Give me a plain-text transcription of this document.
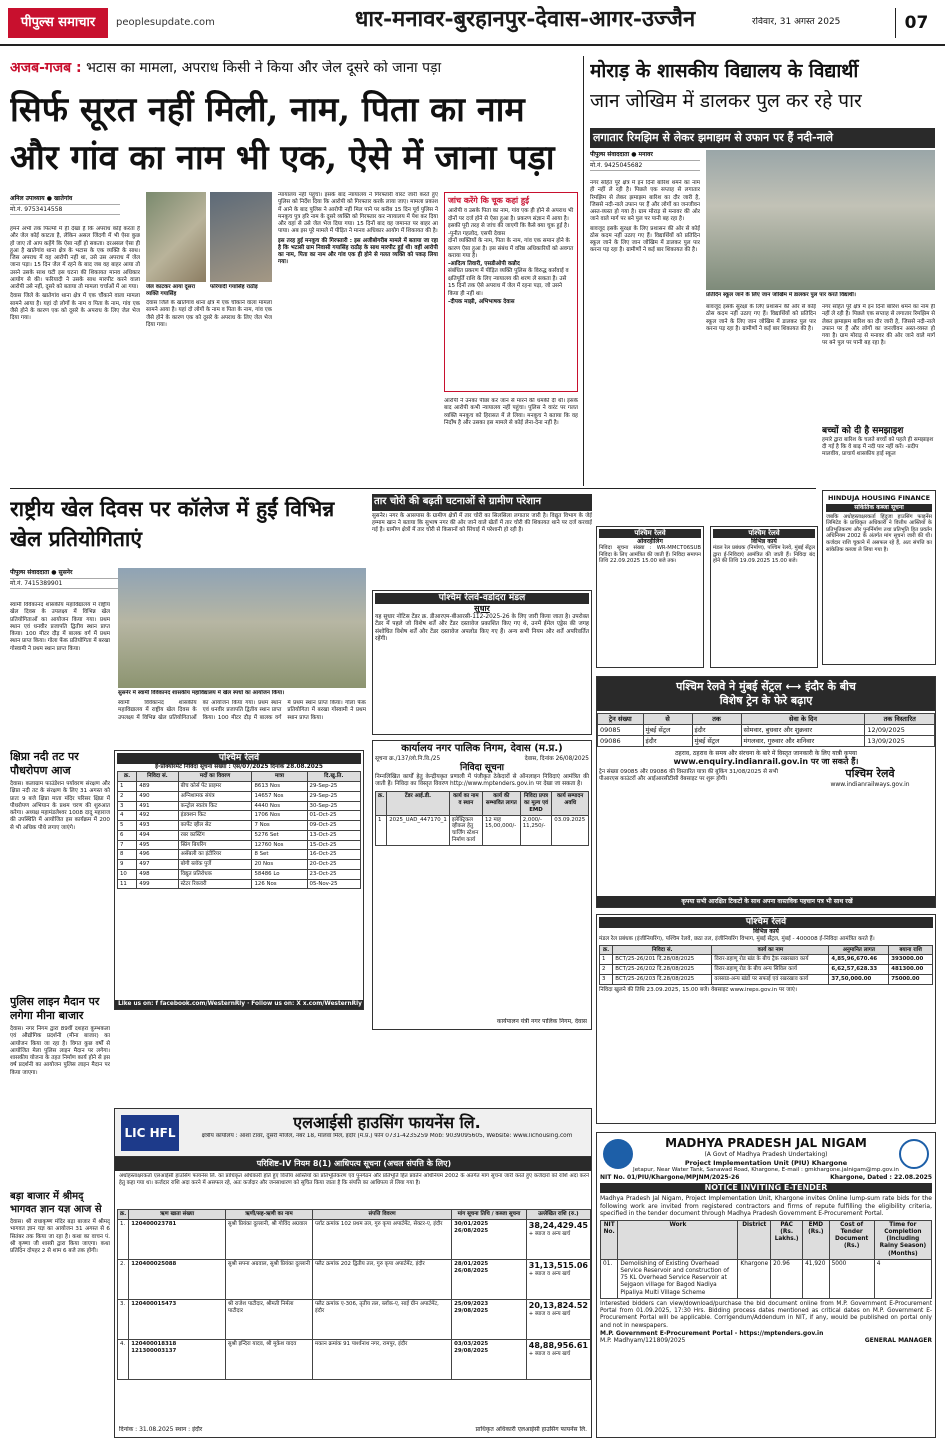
पीपुल्स समाचार	peoplesupdate.com	धार-मनावर-बुरहानपुर-देवास-आगर-उज्जैन	रविवार, 31 अगस्त 2025	07
अजब-गजब : भटास का मामला, अपराध किसी ने किया और जेल दूसरे को जाना पड़ा
सिर्फ सूरत नहीं मिली, नाम, पिता का नाम और गांव का नाम भी एक, ऐसे में जाना पड़ा
अनिल उपाध्याय ● खातेगांव
मो.नं. 9753414558

हमने अभी तक फिल्मों में ही देखा है कि अपराध कोई करता है और जेल कोई काटता है, लेकिन असल जिंदगी में भी ऐसा कुछ हो जाए तो आप कहेंगे कि ऐसा नहीं हो सकता। दरअसल ऐसा ही हुआ है खातेगांव थाना क्षेत्र के भटास के एक व्यक्ति के साथ। जिस अपराध में वह आरोपी नहीं था, उसे उस अपराध में जेल जाना पड़ा। 15 दिन जेल में रहने के बाद जब वह बाहर आया तो उसने उसके साथ घटी इस घटना की शिकायत मानव अधिकार आयोग से की। फरियादी ने उसके साथ मारपीट करने वाला आरोपी उसे नहीं, दूसरे को बताया तो मामला चर्चाओं में आ गया।

देवास जिले के खातेगांव थाना क्षेत्र में एक चौंकाने वाला मामला सामने आया है। यहां दो लोगों के नाम व पिता के नाम, गांव एक जैसे होने के कारण एक को दूसरे के अपराध के लिए जेल भेज दिया गया।

जेल काटकर आया दूसरा व्यक्ति गयासिंह
फरियादी गयासिंह राठौड़

देवास जिले के खातेगांव थाना क्षेत्र में एक चौंकाने वाला मामला सामने आया है। यहां दो लोगों के नाम व पिता के नाम, गांव एक जैसे होने के कारण एक को दूसरे के अपराध के लिए जेल भेज दिया गया।

न्यायालय नहीं पहुंचा। इसके बाद न्यायालय ने गिरफ्तारी वारंट जारी करते हुए पुलिस को निर्देश दिया कि आरोपी को गिरफ्तार करके लाया जाए। मामला प्रकाश में आने के बाद पुलिस ने आरोपी नहीं मिल पाने पर करीब 15 दिन पूर्व पुलिस ने मनकूच पुत्र हरि नाम के दूसरे व्यक्ति को गिरफ्तार कर न्यायालय में पेश कर दिया और वहां से उसे जेल भेज दिया गया। 15 दिनों बाद वह जमानत पर बाहर आ पाया। अब इस पूरे मामले में पीड़ित ने मानव अधिकार आयोग में शिकायत की है।

इस तरह हुई मनकूच की गिरफ्तारी : इस अजीबोगरीब मामले में बताया जा रहा है कि भटासी ग्राम निवासी गयासिंह राठौड़ के साथ मारपीट हुई थी। वहीं आरोपी का नाम, पिता का नाम और गांव एक ही होने से गलत व्यक्ति को पकड़ लिया गया।

जांच करेंगे कि चूक कहां हुई

आरोपी व उसके पिता का नाम, गांव एक ही होने से अपराध भी दोनों पर दर्ज होने से ऐसा हुआ है। प्रकरण संज्ञान में आया है।

इसकी पूरी तरह से जांच की जाएगी कि कैसे क्या चूक हुई है। -पुनीत गहलोद, एसपी देवास

दोनों व्यक्तियों के नाम, पिता के नाम, गांव एक समान होने के कारण ऐसा हुआ है। इस संबंध में वरिष्ठ अधिकारियों को अवगत कराया गया है।

-आदित्य तिवारी, एसडीओपी कन्नौद

संबंधित प्रकरण में पीड़ित व्यक्ति पुलिस के विरुद्ध कार्रवाई व क्षतिपूर्ति राशि के लिए न्यायालय की शरण ले सकता है। उसे 15 दिनों तक ऐसे अपराध में जेल में रहना पड़ा, जो उसने किया ही नहीं था।

-दीपक माझी, अभिभाषक देवास

आरोपी ने उनका पीछा कर जान से मारने की धमकी दी थी। इसके बाद आरोपी कभी न्यायालय नहीं पहुंचा। पुलिस ने वारंट पर गलत व्यक्ति मनकूच को हिरासत में ले लिया। मनकूच ने बताया कि वह निर्दोष है और उसका इस मामले से कोई लेना-देना नहीं है।

मोराड़ के शासकीय विद्यालय के विद्यार्थी
जान जोखिम में डालकर पुल कर रहे पार
लगातार रिमझिम से लेकर झमाझम से उफान पर हैं नदी-नाले
पीपुल्स संवाददाता ● मनावर
मो.नं. 9425045682

नगर सहित पूरे क्षेत्र में इन दिनों बारिश थमने का नाम ही नहीं ले रही है। पिछले एक सप्ताह से लगातार रिमझिम से लेकर झमाझम बारिश का दौर जारी है, जिससे नदी-नाले उफान पर हैं और लोगों का जनजीवन अस्त-व्यस्त हो गया है। ग्राम मोराड़ से मनावर की ओर जाने वाले मार्ग पर बने पुल पर पानी बह रहा है।

बावजूद इसके सुरक्षा के लिए प्रशासन की ओर से कोई ठोस कदम नहीं उठाए गए हैं। विद्यार्थियों को प्रतिदिन स्कूल जाने के लिए जान जोखिम में डालकर पुल पार करना पड़ रहा है। ग्रामीणों ने कई बार शिकायत की है।

प्रतिदिन स्कूल जाने के लिए जान जोखिम में डालकर पुल पार करते विद्यार्थी।

बावजूद इसके सुरक्षा के लिए प्रशासन की ओर से कोई ठोस कदम नहीं उठाए गए हैं। विद्यार्थियों को प्रतिदिन स्कूल जाने के लिए जान जोखिम में डालकर पुल पार करना पड़ रहा है। ग्रामीणों ने कई बार शिकायत की है।

नगर सहित पूरे क्षेत्र में इन दिनों बारिश थमने का नाम ही नहीं ले रही है। पिछले एक सप्ताह से लगातार रिमझिम से लेकर झमाझम बारिश का दौर जारी है, जिससे नदी-नाले उफान पर हैं और लोगों का जनजीवन अस्त-व्यस्त हो गया है। ग्राम मोराड़ से मनावर की ओर जाने वाले मार्ग पर बने पुल पर पानी बह रहा है।

बच्चों को दी है समझाइश
हमारे द्वारा बारिश के चलते बच्चों को पहले ही समझाइश दी गई है कि वे बाढ़ में नदी पार नहीं करें। -प्रदीप मालवीय, प्राचार्य शासकीय हाई स्कूल
HINDUJA HOUSING FINANCE
सांकेतिक कब्जा सूचना
जबकि अधोहस्ताक्षरकर्ता हिंदुजा हाउसिंग फाइनेंस लिमिटेड के प्राधिकृत अधिकारी ने वित्तीय आस्तियों के प्रतिभूतिकरण और पुनर्निर्माण तथा प्रतिभूति हित प्रवर्तन अधिनियम 2002 के अंतर्गत मांग सूचना जारी की थी। कर्जदार राशि चुकाने में असफल रहे हैं, अतः संपत्ति का सांकेतिक कब्जा ले लिया गया है।
राष्ट्रीय खेल दिवस पर कॉलेज में हुईं विभिन्न खेल प्रतियोगिताएं
पीपुल्स संवाददाता ● सुसनेर
मो.नं. 7415389901

स्वामी विवेकानंद शासकीय महाविद्यालय में राष्ट्रीय खेल दिवस के उपलक्ष्य में विभिन्न खेल प्रतियोगिताओं का आयोजन किया गया। प्रथम स्थान एवं धनवीर प्रजापति द्वितीय स्थान प्राप्त किया। 100 मीटर दौड़ में बालक वर्ग में प्रथम स्थान प्राप्त किया। गोला फेंक प्रतियोगिता में बरखा गोस्वामी ने प्रथम स्थान प्राप्त किया।

सुसनेर में स्वामी विवेकानंद शासकीय महाविद्यालय में खेल स्पर्धा का आयोजन किया।

स्वामी विवेकानंद शासकीय महाविद्यालय में राष्ट्रीय खेल दिवस के उपलक्ष्य में विभिन्न खेल प्रतियोगिताओं का आयोजन किया गया। प्रथम स्थान एवं धनवीर प्रजापति द्वितीय स्थान प्राप्त किया। 100 मीटर दौड़ में बालक वर्ग में प्रथम स्थान प्राप्त किया। गोला फेंक प्रतियोगिता में बरखा गोस्वामी ने प्रथम स्थान प्राप्त किया।

तार चोरी की बढ़ती घटनाओं से ग्रामीण परेशान

सुसनेर। नगर के आसपास के ग्रामीण क्षेत्रों में तार चोरी का सिलसिला लगातार जारी है। विद्युत विभाग के जेई हम्माम खान ने बताया कि सुभाष नगर की ओर जाने वाले खेतों में तार चोरी की शिकायत थाने पर दर्ज करवाई गई है। ग्रामीण क्षेत्रों में तार चोरी से किसानों को सिंचाई में परेशानी हो रही है।	पश्चिम रेलवे
ओवरहीलिंग
निविदा सूचना संख्या : WR-MMCT06SUB निविदा के लिए आमंत्रित की जाती हैं। निविदा समापन तिथि 22.09.2025 15.00 बजे तक।
पश्चिम रेलवे
विभिन्न कार्य
मंडल रेल प्रबंधक (निर्माण), पश्चिम रेलवे, मुंबई सेंट्रल द्वारा ई-निविदाएं आमंत्रित की जाती हैं। निविदा बंद होने की तिथि 19.09.2025 15.00 बजे।
पश्चिम रेलवे-वडोदरा मंडल
सुधार
यह सुधार नोटिस टेंडर क्र. डीआरएम-बीआरसी-112-2025-26 के लिए जारी किया जाता है। उपरोक्त टेंडर में पहले जो विशेष शर्तें और टेंडर दस्तावेज प्रकाशित किए गए थे, उनमें ईमेल एड्रेस की जगह संशोधित विशेष शर्तें और टेंडर दस्तावेज अपलोड किए गए हैं। अन्य सभी नियम और शर्तें अपरिवर्तित रहेंगी।
पश्चिम रेलवे ने मुंबई सेंट्रल ⟷ इंदौर के बीच
विशेष ट्रेन के फेरे बढ़ाए
ट्रेन संख्या	से	तक	सेवा के दिन	तक विस्तारित
09085	मुंबई सेंट्रल	इंदौर	सोमवार, बुधवार और शुक्रवार	12/09/2025
09086	इंदौर	मुंबई सेंट्रल	मंगलवार, गुरुवार और शनिवार	13/09/2025
ठहराव, ठहराव के समय और संरचना के बारे में विस्तृत जानकारी के लिए यात्री कृपया
www.enquiry.indianrail.gov.in पर जा सकते हैं।
ट्रेन संख्या 09085 और 09086 की विस्तारित यात्रा की बुकिंग 31/08/2025 से सभी पीआरएस काउंटरों और आईआरसीटीसी वेबसाइट पर शुरू होगी।	पश्चिम रेलवे
www.indianrailways.gov.in
कृपया सभी आरक्षित टिकटों के साथ अपना वास्तविक पहचान पत्र भी साथ रखें
कार्यालय नगर पालिक निगम, देवास (म.प्र.)
सूचना क्र./137/लो.नि.वि./25	देवास, दिनांक 26/08/2025
निविदा सूचना
निम्नलिखित कार्यों हेतु केन्द्रीयकृत प्रणाली में पंजीकृत ठेकेदारों से ऑनलाइन निविदाएं आमंत्रित की जाती हैं। निविदा का विस्तृत विवरण http://www.mptenders.gov.in पर देखा जा सकता है।
क्र.	टेंडर आई.डी.	कार्य का नाम व स्थान	कार्य की सम्भावित लागत	निविदा प्रपत्र का मूल्य एवं EMD	कार्य सम्पादन अवधि
1	2025_UAD_447170_1	इलेक्ट्रिकल व्हीकल हेतु चार्जिंग स्टेशन निर्माण कार्य	12 माह 15,00,000/-	2,000/- 11,250/-	03.09.2025
कार्यपालन यंत्री नगर पालिक निगम, देवास
क्षिप्रा नदी तट पर पौधरोपण आज

देवास। कलाग्राम फाउंडेशन पर्यावरण संरक्षण और क्षिप्रा नदी तट के संरक्षण के लिए 31 अगस्त को प्रातः 9 बजे क्षिप्रा माता मंदिर परिसर क्षिप्रा में पौधरोपण अभियान के प्रथम चरण की शुरुआत करेगा। अध्यक्ष महामंडलेश्वर 1008 दादू महाराज की उपस्थिति में आयोजित इस कार्यक्रम में 200 से भी अधिक पौधे लगाए जाएंगे।

पुलिस लाइन मैदान पर लगेगा मीना बाजार

देवास। नगर निगम द्वारा 89वीं दशहरा कुम्भकला एवं औद्योगिक प्रदर्शनी (मीना बाजार) का आयोजन किया जा रहा है। विगत कुछ वर्षों से आयोजित मेला पुलिस लाइन मैदान पर लगेगा। शासकीय योजना के तहत निर्माण कार्य होने से इस वर्ष प्रदर्शनी का आयोजन पुलिस लाइन मैदान पर किया जाएगा।

बड़ा बाजार में श्रीमद् भागवत ज्ञान यज्ञ आज से

देवास। श्री राधाकृष्ण मंदिर बड़ा बाजार में श्रीमद् भागवत ज्ञान यज्ञ का आयोजन 31 अगस्त से 6 सितंबर तक किया जा रहा है। कथा का वाचन पं. श्री कृष्णा जी शास्त्री द्वारा किया जाएगा। कथा प्रतिदिन दोपहर 2 से शाम 6 बजे तक होगी।

पश्चिम रेलवे
ई-प्रोक्योरमेंट निविदा सूचना संख्या : एस/07/2025 दिनांक 28.08.2025
क्र.	निविदा सं.	मदों का विवरण	मात्रा	दि.खु.ति.
1	489	बीच कोर्स पेंट प्राइमर	8613 Nos	29-Sep-25
2	490	अग्निशामक संयंत्र	14657 Nos	29-Sep-25
3	491	कन्ट्रोल स्वतंत्र किट	4440 Nos	30-Sep-25
4	492	इंडक्शन किट	1706 Nos	01-Oct-25
5	493	कार्पेट व्हील सेट	7 Nos	09-Oct-25
6	494	रबर कास्टिंग	5276 Set	13-Oct-25
7	495	स्प्रिंग बियरिंग	12760 Nos	15-Oct-25
8	496	असेंबली का इंटीरियर	8 Set	16-Oct-25
9	497	बोगी ब्लॉक पुर्जे	20 Nos	20-Oct-25
10	498	विद्युत प्रतिरोधक	58486 Lo	23-Oct-25
11	499	स्टेटर रिकवरी	126 Nos	05-Nov-25
Like us on: f facebook.com/WesternRly · Follow us on: X x.com/WesternRly
पश्चिम रेलवे
विभिन्न कार्य
मंडल रेल प्रबंधक (इंजीनियरिंग), पश्चिम रेलवे, छठा तल, इंजीनियरिंग विभाग, मुंबई सेंट्रल, मुंबई - 400008 ई-निविदा आमंत्रित करते हैं।
क्र.	निविदा सं.	कार्य का नाम	अनुमानित लागत	बयाना राशि
1	BCT/25-26/201 दि.28/08/2025	विरार-डहाणू रोड खंड के बीच ट्रैक रखरखाव कार्य	4,85,96,670.46	393000.00
2	BCT/25-26/202 दि.28/08/2025	विरार-डहाणू रोड के बीच अन्य सिविल कार्य	6,62,57,628.33	481300.00
3	BCT/25-26/203 दि.28/08/2025	वलसाड-अन्य खंडों पर सफाई एवं रखरखाव कार्य	37,50,000.00	75000.00
निविदा खुलने की तिथि 23.09.2025, 15.00 बजे। वेबसाइट www.ireps.gov.in पर जाएं।
LIC HFL
एलआईसी हाउसिंग फायनेंस लि.
क्षेत्रीय कार्यालय : आशा टॉवर, दूसरी मंजिल, नंबर 18, मालवा मिल, इंदौर (म.प्र.) फोन 0731-4235259 Mob: 9039095605, Website: www.lichousing.com
परिशिष्ट-IV नियम 8(1) आधिपत्य सूचना (अचल संपत्ति के लिए)
अधोहस्ताक्षरकर्ता एलआईसी हाउसिंग फायनेंस लि. का प्राधिकृत अधिकारी होते हुए वित्तीय आस्तियों का प्रतिभूतिकरण एवं पुनर्गठन और प्रतिभूति हित प्रवर्तन अधिनियम 2002 के अंतर्गत मांग सूचना जारी करते हुए कर्जदारों को राशि अदा करने हेतु कहा गया था। कर्जदार राशि अदा करने में असफल रहे, अतः कर्जदार और जनसाधारण को सूचित किया जाता है कि संपत्ति का आधिपत्य ले लिया गया है।
क्र.	ऋण खाता संख्या	ऋणी/सह-ऋणी का नाम	संपत्ति विवरण	मांग सूचना तिथि / कब्जा सूचना	उल्लेखित राशि (रु.)
1.	120400023781	सुश्री प्रियंका दुल्लानी, श्री गोविंद अग्रवाल	प्लॉट क्रमांक 102 प्रथम तल, गुरु कृपा अपार्टमेंट, सेक्टर-ए, इंदौर	30/01/2025 26/08/2025	38,24,429.45
+ ब्याज व अन्य खर्च
2.	120400025088	सुश्री सपना अग्रवाल, सुश्री प्रियंका दुल्लानी	फ्लैट क्रमांक 202 द्वितीय तल, गुरु कृपा अपार्टमेंट, इंदौर	28/01/2025 26/08/2025	31,13,515.06
+ ब्याज व अन्य खर्च
3.	120400015473	श्री राजेश पाटीदार, श्रीमती निर्मला पाटीदार	फ्लैट क्रमांक ए-306, तृतीय तल, ब्लॉक-ए, साई ग्रीन अपार्टमेंट, इंदौर	25/09/2023 29/08/2025	20,13,824.52
+ ब्याज व अन्य खर्च
4.	120400018318 121300003137	सुश्री इन्दिरा यादव, श्री मुकेश यादव	मकान क्रमांक 91 पार्श्वनाथ नगर, रामपुर, इंदौर	03/03/2025 29/08/2025	48,88,956.61
+ ब्याज व अन्य खर्च
दिनांक : 31.08.2025 स्थान : इंदौर	प्राधिकृत अधिकारी एलआईसी हाउसिंग फायनेंस लि.
MADHYA PRADESH JAL NIGAM
(A Govt of Madhya Pradesh Undertaking)
Project Implementation Unit (PIU) Khargone
Jetapur, Near Water Tank, Sanawad Road, Khargone, E-mail : gmkhargone.jalnigam@mp.gov.in
NIT No. 01/PIU/Khargone/MPJNM/2025-26	Khargone, Dated : 22.08.2025
NOTICE INVITING E-TENDER
Madhya Pradesh Jal Nigam, Project Implementation Unit, Khargone invites Online lump-sum rate bids for the following work are invited from registered contractors and firms of repute fulfilling the eligibility criteria, specified in the tender document through Madhya Pradesh Government E-Procurement Portal.
NIT No.	Work	District	PAC (Rs. Lakhs.)	EMD (Rs.)	Cost of Tender Document (Rs.)	Time for Completion (Including Rainy Season) (Months)
01.	Demolishing of Existing Overhead Service Reservoir and construction of 75 KL Overhead Service Reservoir at Sejgaon village for Bagod Nadiya Pipaliya Multi Village Scheme	Khargone	20.96	41,920	5000	4
Interested bidders can view/download/purchase the bid document online from M.P. Government E-Procurement Portal from 01.09.2025, 17:30 Hrs. Bidding process dates mentioned as critical dates on M.P. Government E-Procurement Portal will be applicable. Corrigendum/Addendum in NIT, if any, would be published on portal only and not in newspapers.
M.P. Government E-Procurement Portal - https://mptenders.gov.in
M.P. Madhyam/121809/2025	GENERAL MANAGER
